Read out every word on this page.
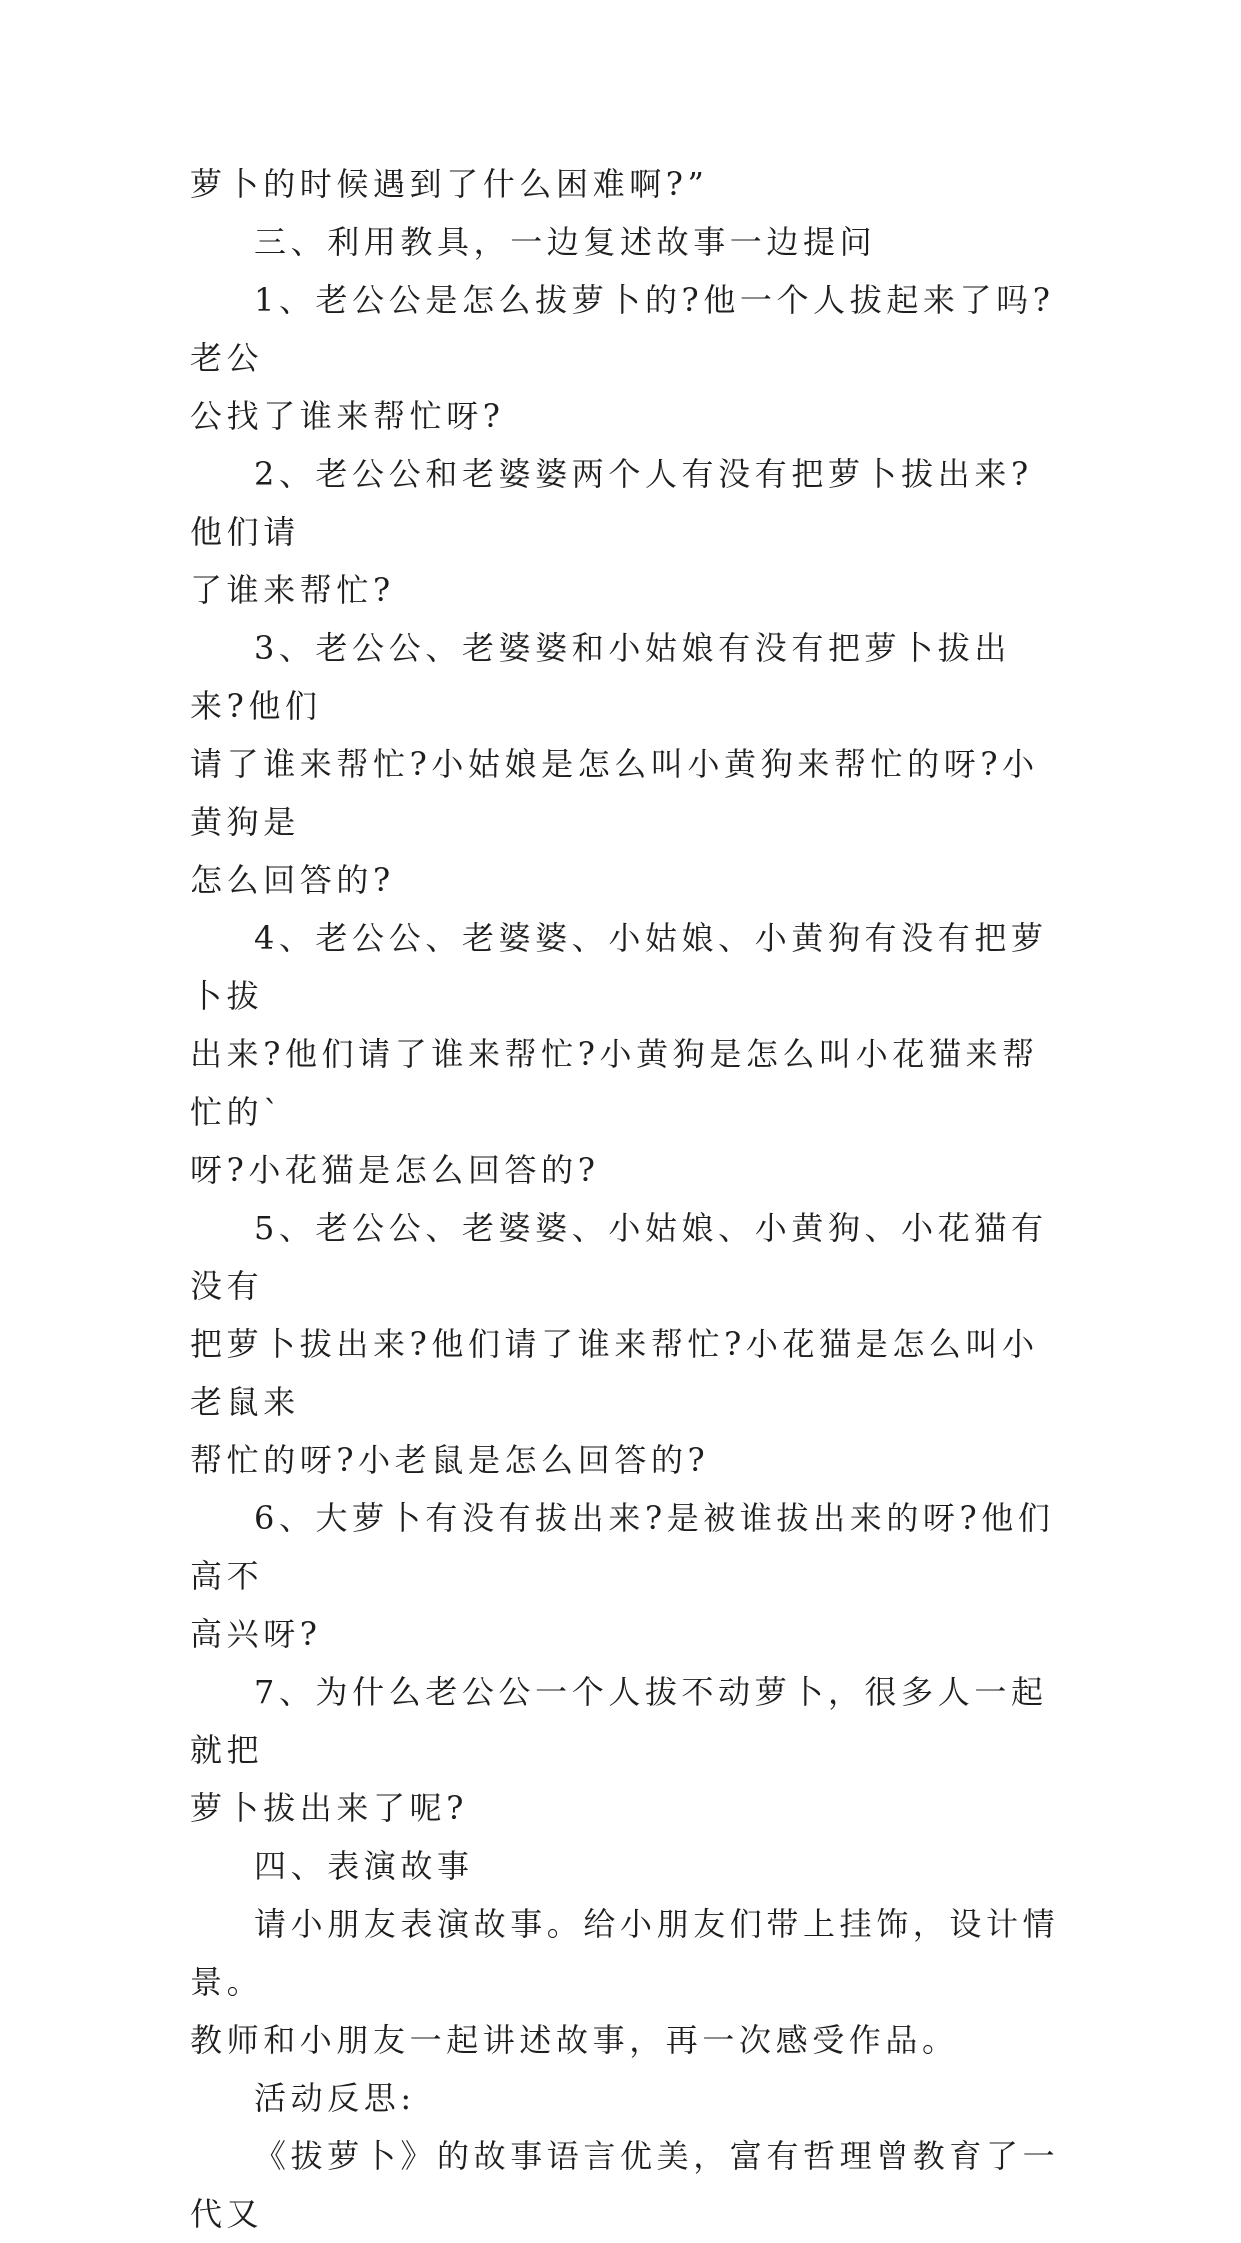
萝卜的时候遇到了什么困难啊?”

三、利用教具，一边复述故事一边提问

1、老公公是怎么拔萝卜的?他一个人拔起来了吗?老公
公找了谁来帮忙呀?

2、老公公和老婆婆两个人有没有把萝卜拔出来?他们请
了谁来帮忙?

3、老公公、老婆婆和小姑娘有没有把萝卜拔出来?他们
请了谁来帮忙?小姑娘是怎么叫小黄狗来帮忙的呀?小黄狗是
怎么回答的?

4、老公公、老婆婆、小姑娘、小黄狗有没有把萝卜拔
出来?他们请了谁来帮忙?小黄狗是怎么叫小花猫来帮忙的`
呀?小花猫是怎么回答的?

5、老公公、老婆婆、小姑娘、小黄狗、小花猫有没有
把萝卜拔出来?他们请了谁来帮忙?小花猫是怎么叫小老鼠来
帮忙的呀?小老鼠是怎么回答的?

6、大萝卜有没有拔出来?是被谁拔出来的呀?他们高不
高兴呀?

7、为什么老公公一个人拔不动萝卜，很多人一起就把
萝卜拔出来了呢?

四、表演故事

请小朋友表演故事。给小朋友们带上挂饰，设计情景。
教师和小朋友一起讲述故事，再一次感受作品。

活动反思:

《拔萝卜》的故事语言优美，富有哲理曾教育了一代又
